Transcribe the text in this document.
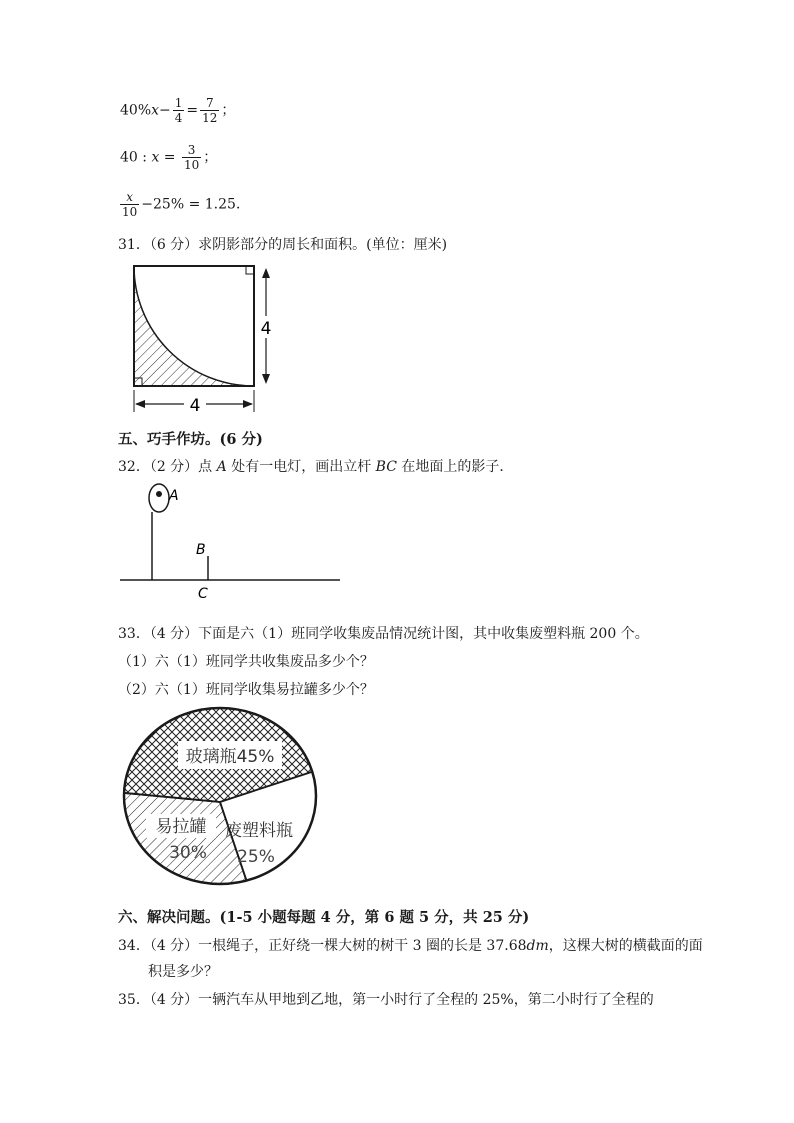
$40\%x- \frac{1}{4} = \frac{7}{12}$ ；
40 : $x = \frac{3}{10}$ ；
$\frac{x}{10} -25\% = 1.25$．
31．（6 分）求阴影部分的周长和面积。(单位：厘米)
4
4
五、巧手作坊。(6 分)
32．（2 分）点 A 处有一电灯，画出立杆 BC 在地面上的影子．
A
B
C
33．（4 分）下面是六（1）班同学收集废品情况统计图，其中收集废塑料瓶 200 个。
（1）六（1）班同学共收集废品多少个？
（2）六（1）班同学收集易拉罐多少个？
玻璃瓶45%
易拉罐
30%
废塑料瓶
25%
六、解决问题。(1-5 小题每题 4 分，第 6 题 5 分，共 25 分)
34．（4 分）一根绳子，正好绕一棵大树的树干 3 圈的长是 37.68dm，这棵大树的横截面的面
积是多少？
35．（4 分）一辆汽车从甲地到乙地，第一小时行了全程的 25%，第二小时行了全程的
